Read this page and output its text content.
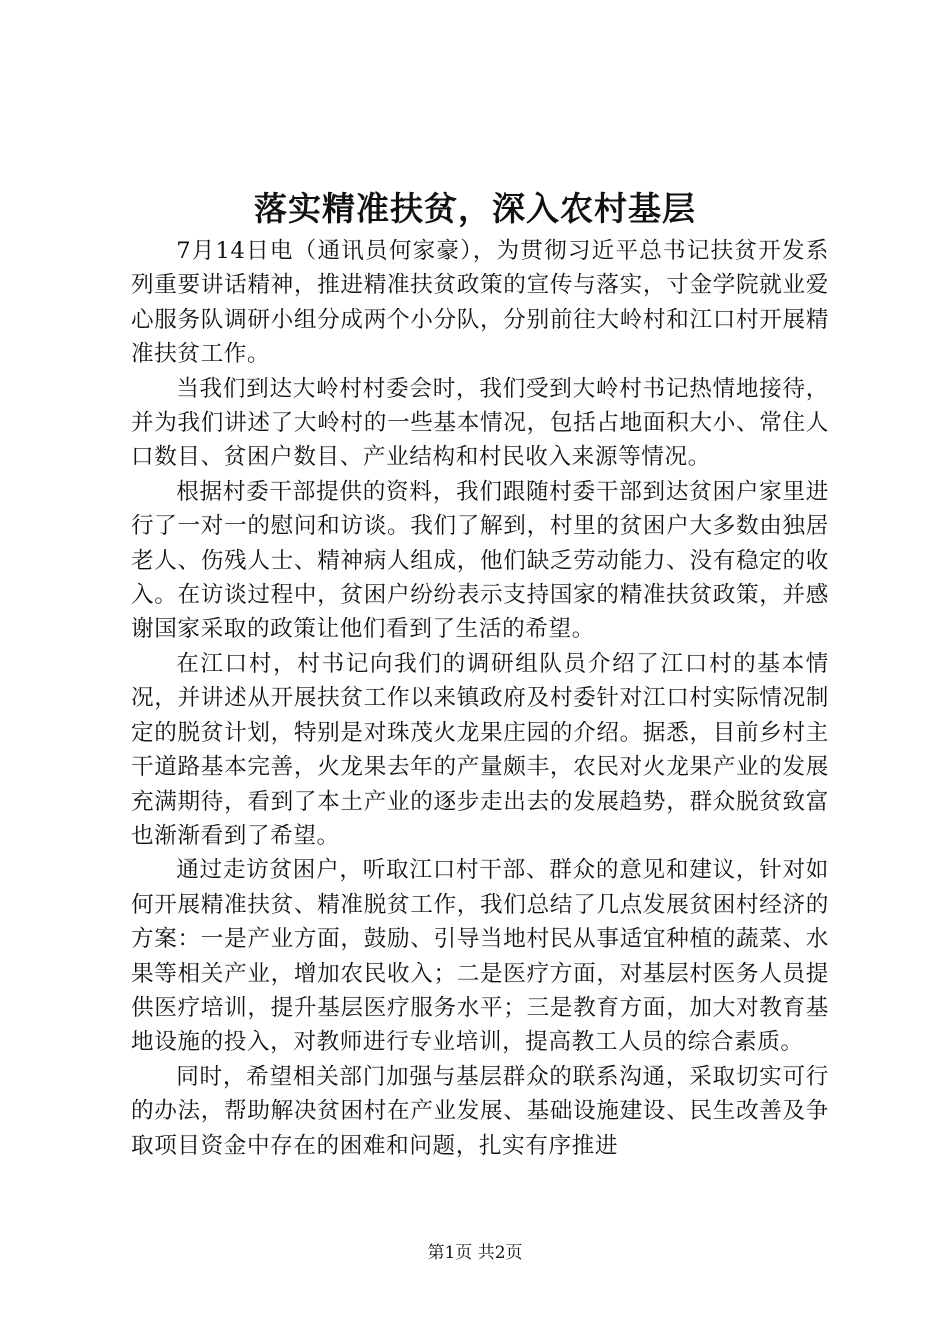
落实精准扶贫，深入农村基层

7月14日电（通讯员何家豪），为贯彻习近平总书记扶贫开发系列重要讲话精神，推进精准扶贫政策的宣传与落实，寸金学院就业爱心服务队调研小组分成两个小分队，分别前往大岭村和江口村开展精准扶贫工作。

当我们到达大岭村村委会时，我们受到大岭村书记热情地接待，并为我们讲述了大岭村的一些基本情况，包括占地面积大小、常住人口数目、贫困户数目、产业结构和村民收入来源等情况。

根据村委干部提供的资料，我们跟随村委干部到达贫困户家里进行了一对一的慰问和访谈。我们了解到，村里的贫困户大多数由独居老人、伤残人士、精神病人组成，他们缺乏劳动能力、没有稳定的收入。在访谈过程中，贫困户纷纷表示支持国家的精准扶贫政策，并感谢国家采取的政策让他们看到了生活的希望。

在江口村，村书记向我们的调研组队员介绍了江口村的基本情况，并讲述从开展扶贫工作以来镇政府及村委针对江口村实际情况制定的脱贫计划，特别是对珠茂火龙果庄园的介绍。据悉，目前乡村主干道路基本完善，火龙果去年的产量颇丰，农民对火龙果产业的发展充满期待，看到了本土产业的逐步走出去的发展趋势，群众脱贫致富也渐渐看到了希望。

通过走访贫困户，听取江口村干部、群众的意见和建议，针对如何开展精准扶贫、精准脱贫工作，我们总结了几点发展贫困村经济的方案：一是产业方面，鼓励、引导当地村民从事适宜种植的蔬菜、水果等相关产业，增加农民收入；二是医疗方面，对基层村医务人员提供医疗培训，提升基层医疗服务水平；三是教育方面，加大对教育基地设施的投入，对教师进行专业培训，提高教工人员的综合素质。

同时，希望相关部门加强与基层群众的联系沟通，采取切实可行的办法，帮助解决贫困村在产业发展、基础设施建设、民生改善及争取项目资金中存在的困难和问题，扎实有序推进

第1页 共2页
